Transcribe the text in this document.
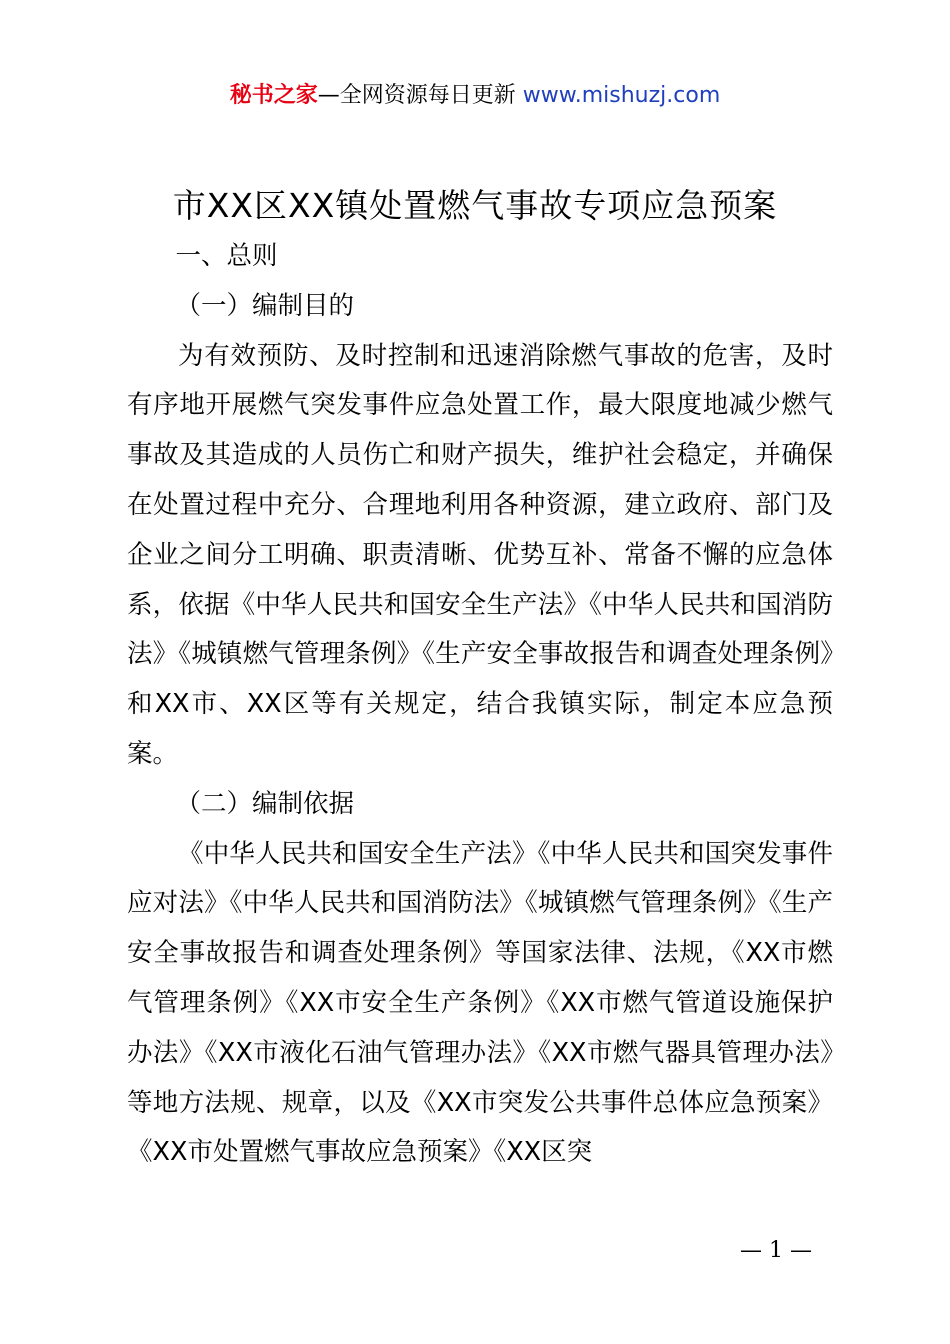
秘书之家—全网资源每日更新 www.mishuzj.com
市XX区XX镇处置燃气事故专项应急预案

一、总则

（一）编制目的

为有效预防、及时控制和迅速消除燃气事故的危害，及时有序地开展燃气突发事件应急处置工作，最大限度地减少燃气事故及其造成的人员伤亡和财产损失，维护社会稳定，并确保在处置过程中充分、合理地利用各种资源，建立政府、部门及企业之间分工明确、职责清晰、优势互补、常备不懈的应急体系，依据《中华人民共和国安全生产法》《中华人民共和国消防法》《城镇燃气管理条例》《生产安全事故报告和调查处理条例》和XX市、XX区等有关规定，结合我镇实际，制定本应急预案。

（二）编制依据

《中华人民共和国安全生产法》《中华人民共和国突发事件应对法》《中华人民共和国消防法》《城镇燃气管理条例》《生产安全事故报告和调查处理条例》等国家法律、法规，《XX市燃气管理条例》《XX市安全生产条例》《XX市燃气管道设施保护办法》《XX市液化石油气管理办法》《XX市燃气器具管理办法》等地方法规、规章，以及《XX市突发公共事件总体应急预案》《XX市处置燃气事故应急预案》《XX区突

— 1 —
